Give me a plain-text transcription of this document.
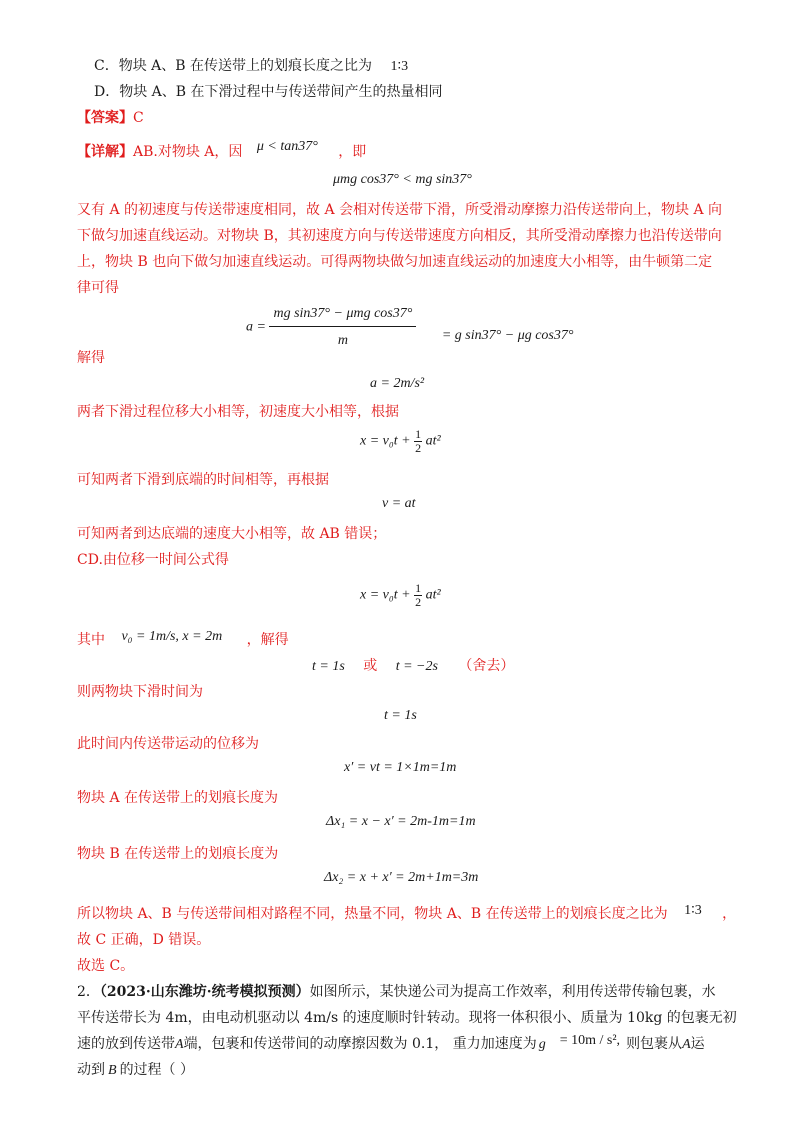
C．物块 A、B 在传送带上的划痕长度之比为 1∶3
D．物块 A、B 在下滑过程中与传送带间产生的热量相同
【答案】C
【详解】AB.对物块 A，因 μ < tan37° ，即
μmg cos37° < mg sin37°
又有 A 的初速度与传送带速度相同，故 A 会相对传送带下滑，所受滑动摩擦力沿传送带向上，物块 A 向
下做匀加速直线运动。对物块 B，其初速度方向与传送带速度方向相反，其所受滑动摩擦力也沿传送带向
上，物块 B 也向下做匀加速直线运动。可得两物块做匀加速直线运动的加速度大小相等，由牛顿第二定
律可得
$a = \frac{\text{mg sin37° − μmg cos37°}}{m} = g$ sin37° − μg cos37°
解得
a = 2m/s²
两者下滑过程位移大小相等，初速度大小相等，根据
$x = v_0t + \frac{1}{2} at^2$
可知两者下滑到底端的时间相等，再根据
v = at
可知两者到达底端的速度大小相等，故 AB 错误；
CD.由位移一时间公式得
$x = v_0t + \frac{1}{2} at^2$
其中 v₀ = 1m/s, x = 2m ，解得
t = 1s 或 t = −2s （舍去）
则两物块下滑时间为
t = 1s
此时间内传送带运动的位移为
x′ = vt = 1×1m=1m
物块 A 在传送带上的划痕长度为
Δx₁ = x − x′ = 2m-1m=1m
物块 B 在传送带上的划痕长度为
Δx₂ = x + x′ = 2m+1m=3m
所以物块 A、B 与传送带间相对路程不同，热量不同，物块 A、B 在传送带上的划痕长度之比为 1∶3 ，
故 C 正确，D 错误。
故选 C。
2．（2023·山东潍坊·统考模拟预测）如图所示，某快递公司为提高工作效率，利用传送带传输包裹，水
平传送带长为 4m，由电动机驱动以 4m/s 的速度顺时针转动。现将一体积很小、质量为 10kg 的包裹无初
速的放到传送带A端，包裹和传送带间的动摩擦因数为 0.1， 重力加速度为 g = 10m / s², 则包裹从A运
动到 B 的过程（ ）
